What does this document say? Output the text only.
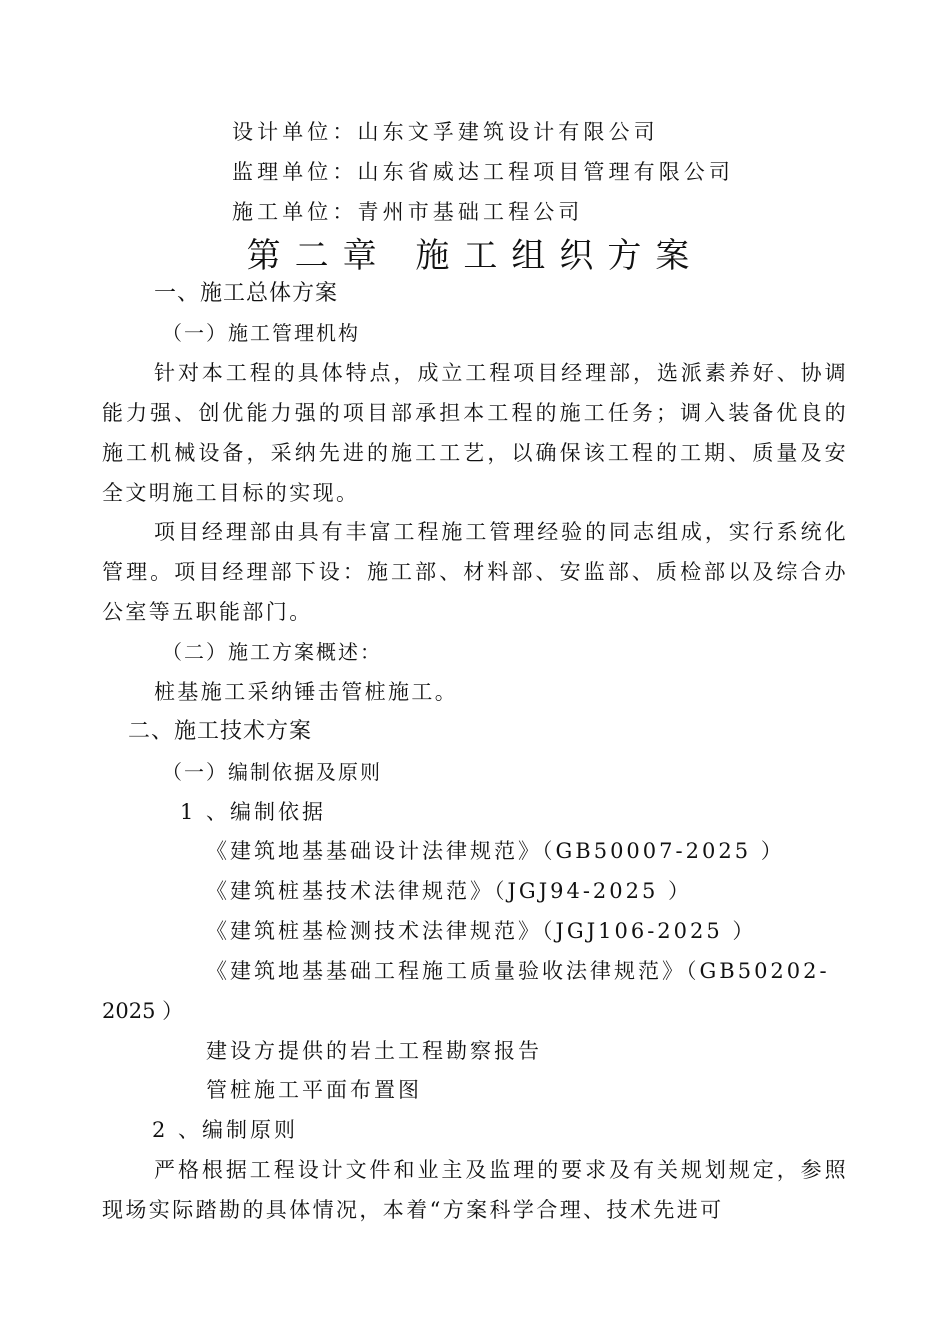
设计单位：山东文孚建筑设计有限公司
监理单位：山东省威达工程项目管理有限公司
施工单位：青州市基础工程公司
第二章 施工组织方案
一、施工总体方案
（一）施工管理机构
针对本工程的具体特点，成立工程项目经理部，选派素养好、协调能力强、创优能力强的项目部承担本工程的施工任务；调入装备优良的施工机械设备，采纳先进的施工工艺，以确保该工程的工期、质量及安全文明施工目标的实现。
项目经理部由具有丰富工程施工管理经验的同志组成，实行系统化管理。项目经理部下设：施工部、材料部、安监部、质检部以及综合办公室等五职能部门。
（二）施工方案概述：
桩基施工采纳锤击管桩施工。
二、施工技术方案
（一）编制依据及原则
1 、编制依据
《建筑地基基础设计法律规范》（GB50007-2025 ）
《建筑桩基技术法律规范》（JGJ94-2025 ）
《建筑桩基检测技术法律规范》（JGJ106-2025 ）
《建筑地基基础工程施工质量验收法律规范》（GB50202-
2025 ）
建设方提供的岩土工程勘察报告
管桩施工平面布置图
2 、编制原则
严格根据工程设计文件和业主及监理的要求及有关规划规定，参照现场实际踏勘的具体情况，本着“方案科学合理、技术先进可
